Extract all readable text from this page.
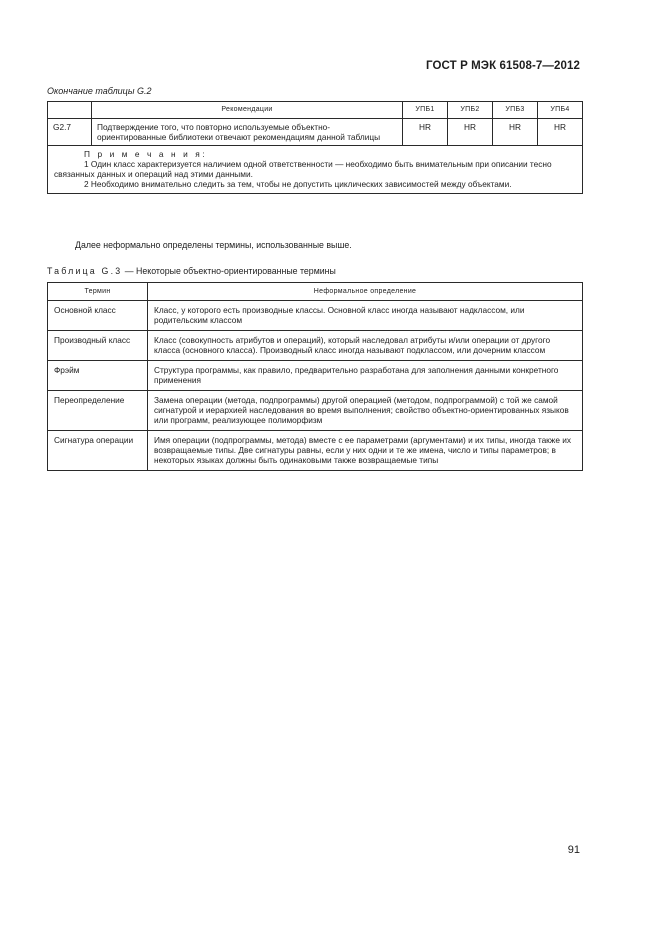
ГОСТ Р МЭК 61508-7—2012
Окончание таблицы G.2
	Рекомендации	УПБ1	УПБ2	УПБ3	УПБ4
G2.7	Подтверждение того, что повторно используемые объектно-ориентированные библиотеки отвечают рекомендациям данной таблицы	HR	HR	HR	HR

П р и м е ч а н и я:
1 Один класс характеризуется наличием одной ответственности — необходимо быть внимательным при описании тесно связанных данных и операций над этими данными.
2 Необходимо внимательно следить за тем, чтобы не допустить циклических зависимостей между объектами.					
Далее неформально определены термины, использованные выше.
Таблица G.3 — Некоторые объектно-ориентированные термины
Термин	Неформальное определение
Основной класс	Класс, у которого есть производные классы. Основной класс иногда называют надклассом, или родительским классом
Производный класс	Класс (совокупность атрибутов и операций), который наследовал атрибуты и/или операции от другого класса (основного класса). Производный класс иногда называют подклассом, или дочерним классом
Фрэйм	Структура программы, как правило, предварительно разработана для заполнения данными конкретного применения
Переопределение	Замена операции (метода, подпрограммы) другой операцией (методом, подпрограммой) с той же самой сигнатурой и иерархией наследования во время выполнения; свойство объектно-ориентированных языков или программ, реализующее полиморфизм
Сигнатура операции	Имя операции (подпрограммы, метода) вместе с ее параметрами (аргументами) и их типы, иногда также их возвращаемые типы. Две сигнатуры равны, если у них одни и те же имена, число и типы параметров; в некоторых языках должны быть одинаковыми также возвращаемые типы
91
